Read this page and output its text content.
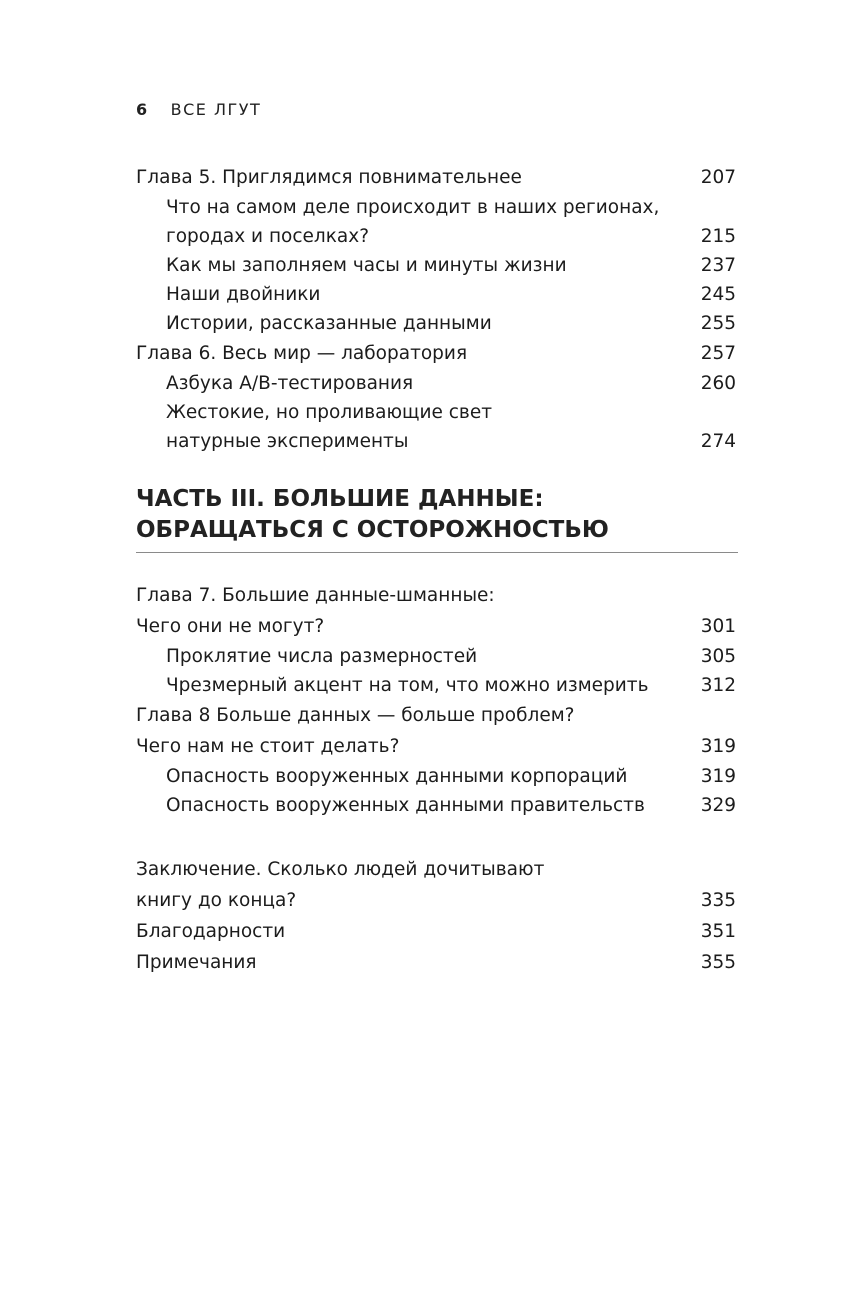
6 ВСЕ ЛГУТ
Глава 5. Приглядимся повнимательнее	207
Что на самом деле происходит в наших регионах,
городах и поселках?	215
Как мы заполняем часы и минуты жизни	237
Наши двойники	245
Истории, рассказанные данными	255
Глава 6. Весь мир — лаборатория	257
Азбука А/В-тестирования	260
Жестокие, но проливающие свет
натурные эксперименты	274
ЧАСТЬ III. БОЛЬШИЕ ДАННЫЕ:
ОБРАЩАТЬСЯ С ОСТОРОЖНОСТЬЮ
Глава 7. Большие данные-шманные:
Чего они не могут?	301
Проклятие числа размерностей	305
Чрезмерный акцент на том, что можно измерить	312
Глава 8 Больше данных — больше проблем?
Чего нам не стоит делать?	319
Опасность вооруженных данными корпораций	319
Опасность вооруженных данными правительств	329
Заключение. Сколько людей дочитывают
книгу до конца?	335
Благодарности	351
Примечания	355
